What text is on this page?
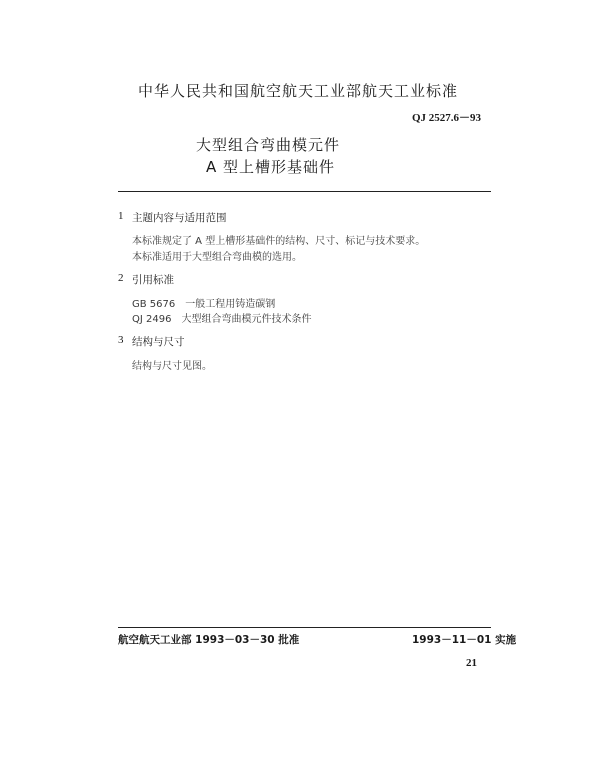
中华人民共和国航空航天工业部航天工业标准
QJ 2527.6－93
大型组合弯曲模元件
A 型上槽形基础件
1 主题内容与适用范围
本标准规定了 A 型上槽形基础件的结构、尺寸、标记与技术要求。
本标准适用于大型组合弯曲模的选用。
2 引用标准
GB 5676　一般工程用铸造碳钢
QJ 2496　大型组合弯曲模元件技术条件
3 结构与尺寸
结构与尺寸见图。
航空航天工业部 1993－03－30 批准	1993－11－01 实施
21
